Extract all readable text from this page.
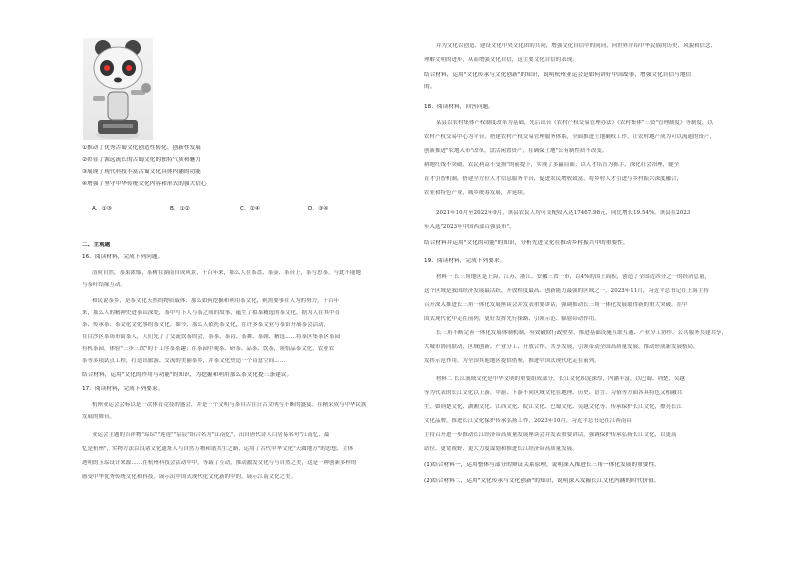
①推动了优秀古蜀文化创造性转化、创新性发展
②彰显了源远流长的古蜀文化的独特气质和魅力
③展现了现代科技丰富古蜀文化具体内涵的功能
④增强了坚守中华传统文化内容和形式的强大信心
A．①③	B．①②	C．②④	D．③④
二、主观题
16．阅读材料，完成下列问题。
清荷自然，茶果浓郁，茶树在湖南自成风景，千百年来，那么人在茶盘、茶壶、茶台上，茶与思茶，与此不能地
与茶叶结缘互动。
和民说茶乡，是茶文化天然的物质载体，那么如何挖掘和利用茶文化，则需要事在人为的努力。千百年
来，那么人的精神史进茶山深处，茶中写下人与茶之间的故事，蕴生了拟茶精选的茶文化，据为人在其中育
茶、传承茶、茶文化文化事的茶文化。如今，那么人依托茶文化，在许多茶文业与茶馆开展茶会活动，
在白沙区茶场市街茶人，人们先了了交流饮茶的会，茶茶、茶诗、茶舞、茶剧、精选……将茶区集茶区茶园
有机茶园，体验"三步三饮"的千工序茶茶趣；在茶园中观茶、研茶、品茶、饮茶，领悟品茶文化，农业农
茶等多项试点工程，打造出旅游、交流的美丽茶乡，并茶文化塑造一个诗意空间……
结合材料，运用"文化的作用与功能"的知识，为挖掘和利用那么茶文化提三条建议。
17．阅读材料，完成下列要求。
杭州亚运会会标以是一次体育竞技的盛会，并是一个文明与茶自古往日古文明与不断的盛宴。在精采成与中华民族
发展的舞台。
亚运会主题的吉祥物"琮琮""莲莲""宸宸"组合名为"江南忆"，出自唐代诗人白居易名句"江南忆，最
忆是杭州"，实物方法以良诸文化遗址人与自然万物和谐共生之路，运用了古代中华文化"天圆地方"的思想，主体
透明的玉琮设计来源……在杭州科技会活动中中，等载了互动，推动激发文化与与自然之美，这是一种创新多样的
感受中华优秀传统文化和科技，展示出中国式现代化文化新的中的，展示江南文化之美。
并为文化以创造、建设文化中央文化团的共同，增强文化自信中的同同，向世界介绍中华民族的历史、风貌和信念、
理解文明的进步，从而增强文化自信，这主要文化自信的表现。
结合材料，运用"文化传承与文化创新"的知识，说明杭州亚运会是如何讲好中国故事，增强文化自信与地信
的。
18．阅读材料，回答问题。
某县以农村集体产权制度改革为基础，先后出台《农村产权交易管理办法》《农村集体"三资"管理制度》等制度，以
农村产权交易中心为平台，搭建农村产权交易管理服务体系，全面推进土地确权工作，让农村地产成为可以流通的资产，
创新推进"农地入市"改革，盘活闲置资产，在确保土地"公有制性质不改变、
耕地红线不突破、农民利益不受损"的前提下，实现了多赢局面；以人才培育为抓手，深化社会治理，健全
育才引智机制，搭建全方位人才信息服务平台，促进农民增收致富，将乡村人才引进与乡村振兴深度融合，
农业和特色产业，城乡统筹发展，并延续。
2021年10月至2022年9月，该县农民人均可支配收入达17467.98元，同比增长19.54%。该县在2023
年入选"2023年中国西部百强县市"。
结合材料并运用"文化的功能"的知识，分析先进文化在推动乡村振兴中的重要性。
19．阅读材料，完成下列要求。
材料一 长三角地区是上海、江苏、浙江、安徽三省一市，以4%的国土面积，创造了全国近四分之一的经济总量，
这个区域是我国经济发展最活跃、开放程度最高、创新能力最强的区域之一。2023年11月，习近平总书记在上海主持
召开深入推进长三角一体化发展座谈会并发表重要讲话，强调推动长三角一体化发展取得新的重大突破，在中
国式现代化中走在前列，更好发挥先行探路、引领示范、辐射带动作用。
长三角不断完善一体化发展体制机制，有效破除行政壁垒，推进基础设施互联互通、产业分工协作、公共服务共建共享，
大城市协同联动，区域创新、产业分工、开放合作、共享发展，引领带动全国高质量发展，推动形成新发展格局，
发挥示范作用，为全国其他地区提供借鉴，推进中国式现代化走在前列。
材料二 长江流域文化是中华文明的重要组成部分，长江文化积淀深厚，内涵丰富，以巴蜀、荆楚、吴越
等为代表的长江文化以上游、中游、下游不同区域文化在地理、历史、语言、习俗等方面各具特色又相融共
生，如荆楚文化、湖湘文化、江西文化、皖江文化、巴蜀文化、吴越文化等。传承保护长江文化，擦亮长江
文化品牌，推进长江文化保护传承弘扬工作，2023年10月，习近平总书记在江西南昌
主持召开进一步推动长江经济带高质量发展座谈会并发表重要讲话，强调保护传承弘扬长江文化，以更高
站位、更宽视野、更大力度谋划和推进长江经济带高质量发展。
(1)结合材料一，运用整体与部分的辩证关系原理，说明深入推进长三角一体化发展的重要性。
(2)结合材料二，运用"文化传承与文化创新"的知识，说明深入发掘长江文化内涵的时代价值。
